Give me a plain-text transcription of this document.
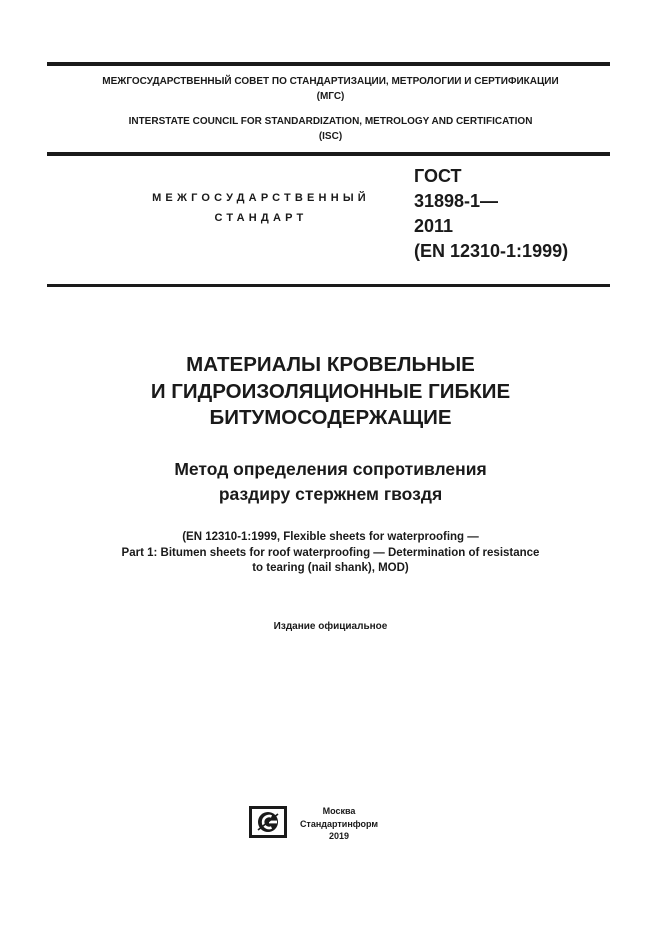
МЕЖГОСУДАРСТВЕННЫЙ СОВЕТ ПО СТАНДАРТИЗАЦИИ, МЕТРОЛОГИИ И СЕРТИФИКАЦИИ
(МГС)
INTERSTATE COUNCIL FOR STANDARDIZATION, METROLOGY AND CERTIFICATION
(ISC)
МЕЖГОСУДАРСТВЕННЫЙ
СТАНДАРТ
ГОСТ
31898-1—
2011
(EN 12310-1:1999)
МАТЕРИАЛЫ КРОВЕЛЬНЫЕ
И ГИДРОИЗОЛЯЦИОННЫЕ ГИБКИЕ
БИТУМОСОДЕРЖАЩИЕ
Метод определения сопротивления
раздиру стержнем гвоздя
(EN 12310-1:1999, Flexible sheets for waterproofing —
Part 1: Bitumen sheets for roof waterproofing — Determination of resistance
to tearing (nail shank), MOD)
Издание официальное
Москва
Стандартинформ
2019
